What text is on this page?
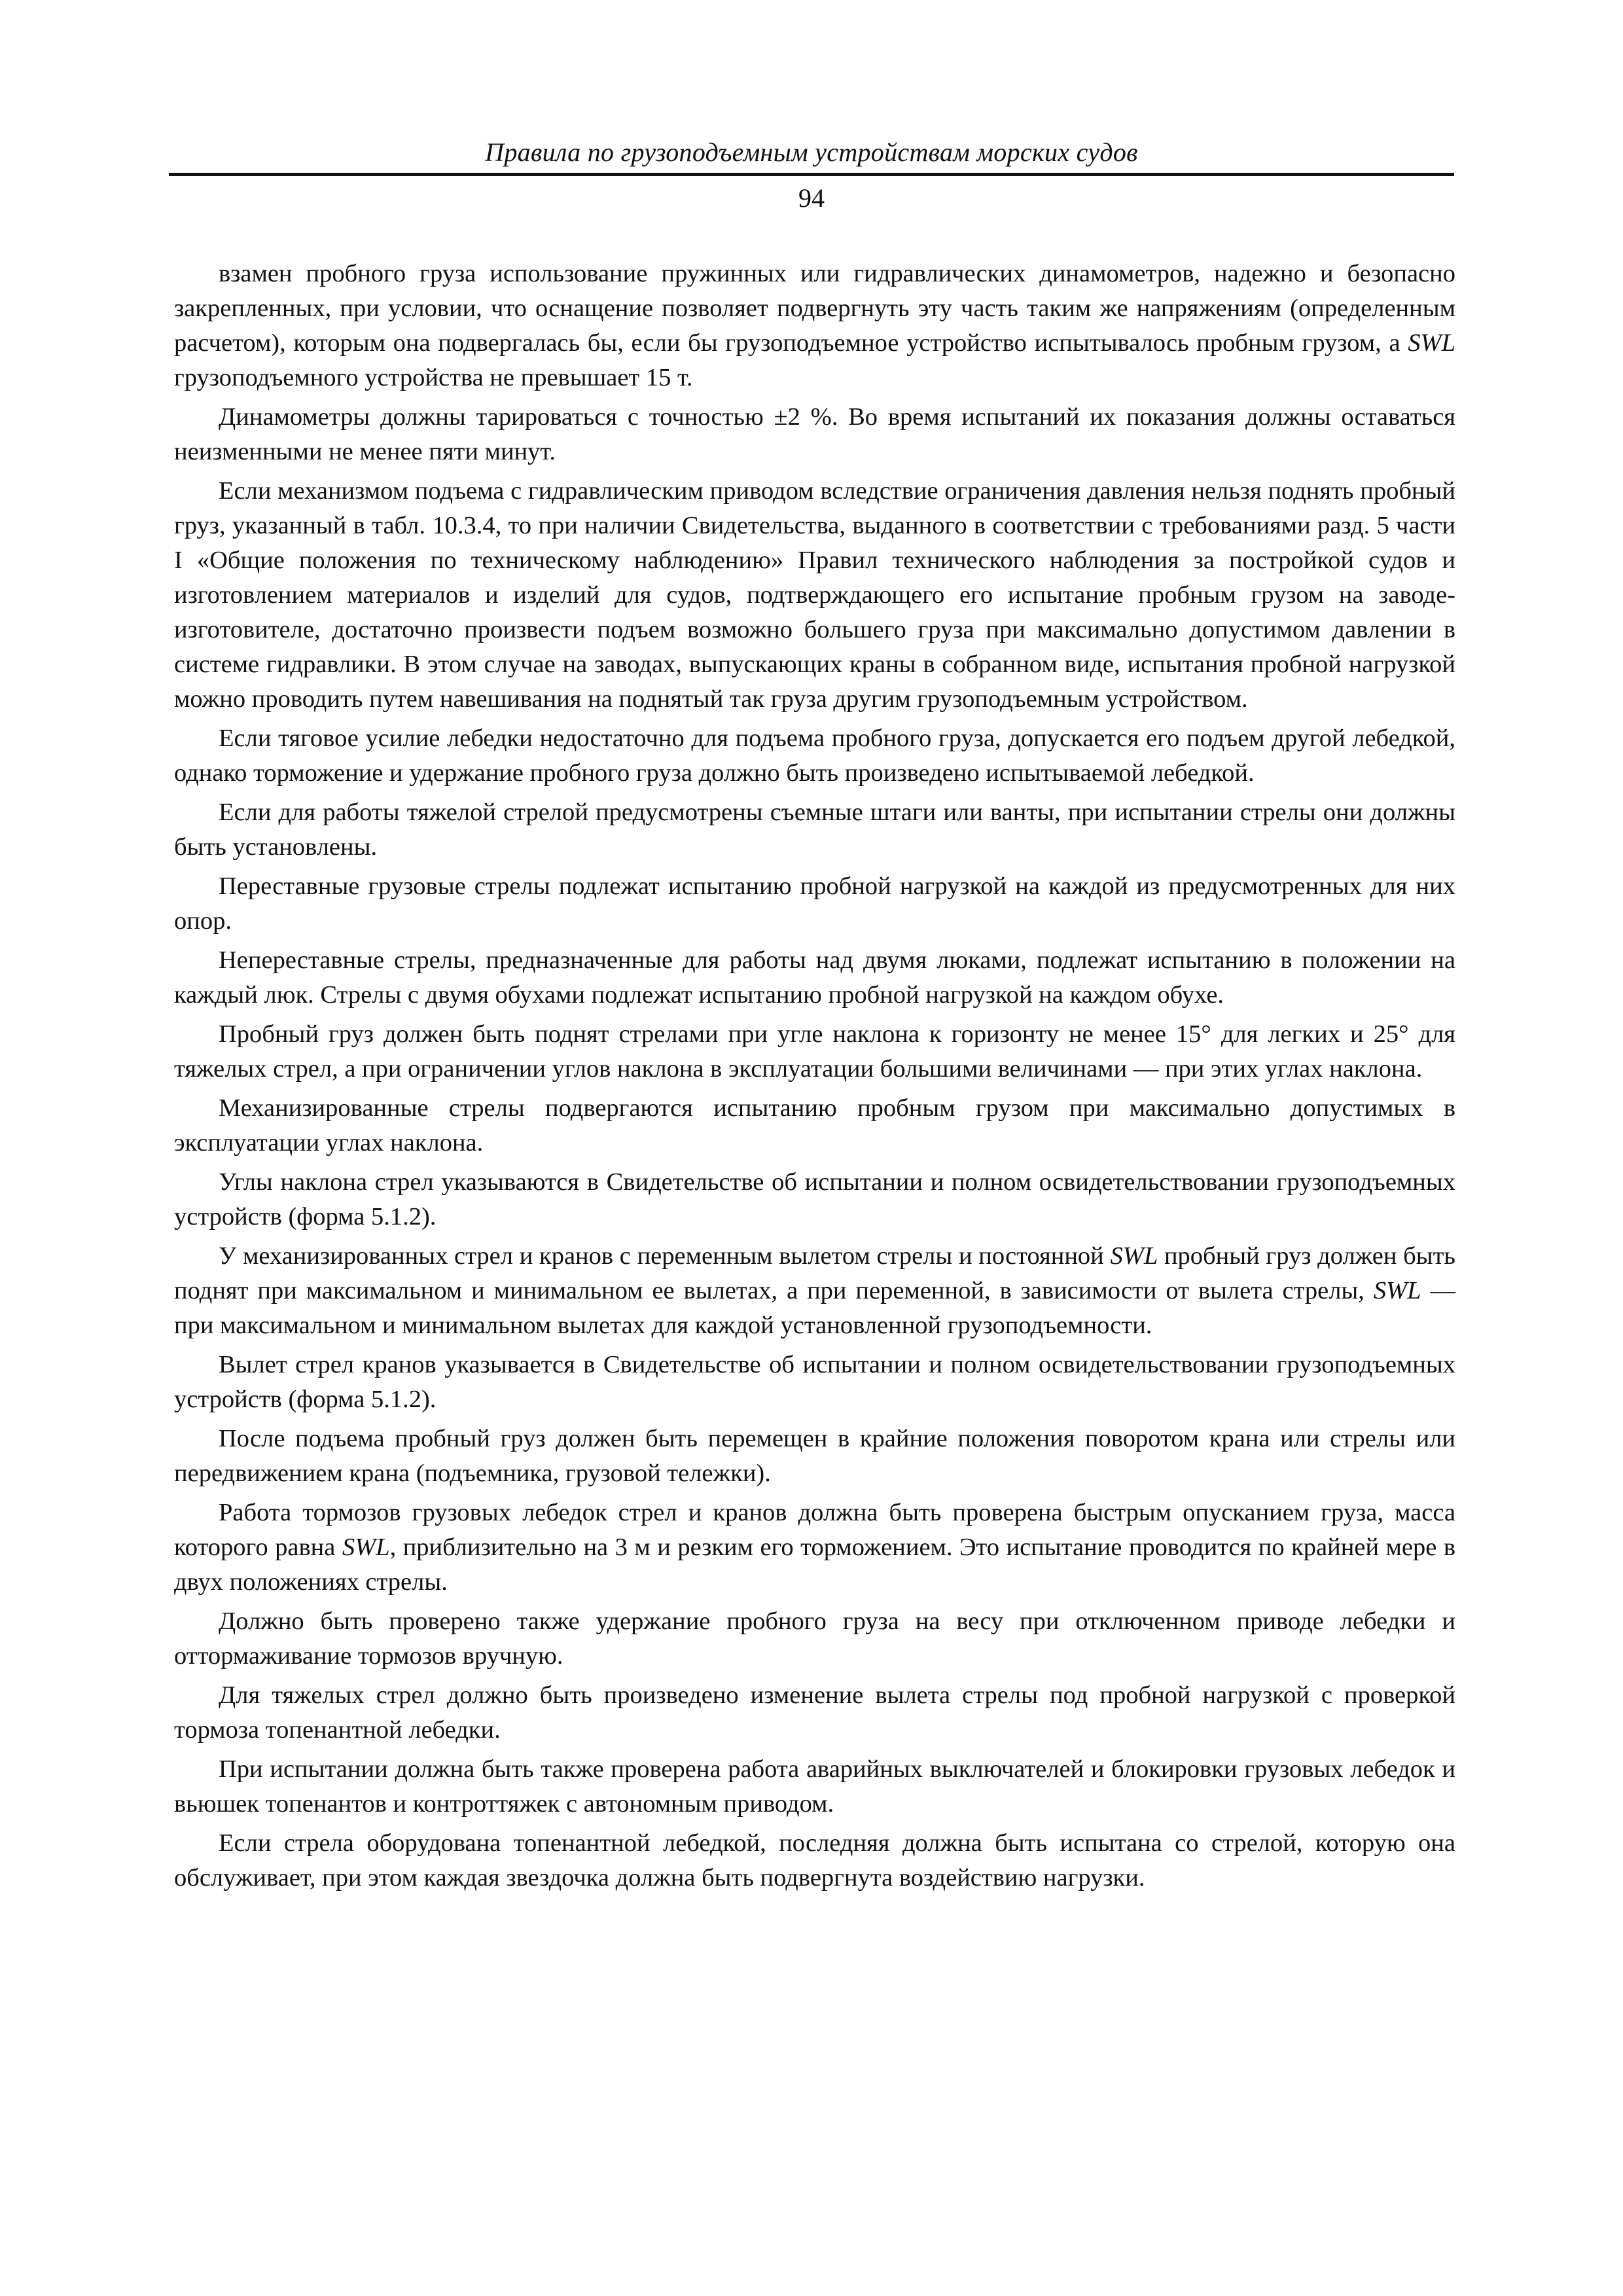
Правила по грузоподъемным устройствам морских судов
94

взамен пробного груза использование пружинных или гидравлических динамометров, надежно и безопасно закрепленных, при условии, что оснащение позволяет подвергнуть эту часть таким же напряжениям (определенным расчетом), которым она подвергалась бы, если бы грузоподъемное устройство испытывалось пробным грузом, а SWL грузоподъемного устройства не превышает 15 т.

Динамометры должны тарироваться с точностью ±2 %. Во время испытаний их показания должны оставаться неизменными не менее пяти минут.

Если механизмом подъема с гидравлическим приводом вследствие ограничения давления нельзя поднять пробный груз, указанный в табл. 10.3.4, то при наличии Свидетельства, выданного в соответствии с требованиями разд. 5 части I «Общие положения по техническому наблюдению» Правил технического наблюдения за постройкой судов и изготовлением материалов и изделий для судов, подтверждающего его испытание пробным грузом на заводе-изготовителе, достаточно произвести подъем возможно большего груза при максимально допустимом давлении в системе гидравлики. В этом случае на заводах, выпускающих краны в собранном виде, испытания пробной нагрузкой можно проводить путем навешивания на поднятый так груза другим грузоподъемным устройством.

Если тяговое усилие лебедки недостаточно для подъема пробного груза, допускается его подъем другой лебедкой, однако торможение и удержание пробного груза должно быть произведено испытываемой лебедкой.

Если для работы тяжелой стрелой предусмотрены съемные штаги или ванты, при испытании стрелы они должны быть установлены.

Переставные грузовые стрелы подлежат испытанию пробной нагрузкой на каждой из предусмотренных для них опор.

Непереставные стрелы, предназначенные для работы над двумя люками, подлежат испытанию в положении на каждый люк. Стрелы с двумя обухами подлежат испытанию пробной нагрузкой на каждом обухе.

Пробный груз должен быть поднят стрелами при угле наклона к горизонту не менее 15° для легких и 25° для тяжелых стрел, а при ограничении углов наклона в эксплуатации большими величинами — при этих углах наклона.

Механизированные стрелы подвергаются испытанию пробным грузом при максимально допустимых в эксплуатации углах наклона.

Углы наклона стрел указываются в Свидетельстве об испытании и полном освидетельствовании грузоподъемных устройств (форма 5.1.2).

У механизированных стрел и кранов с переменным вылетом стрелы и постоянной SWL пробный груз должен быть поднят при максимальном и минимальном ее вылетах, а при переменной, в зависимости от вылета стрелы, SWL — при максимальном и минимальном вылетах для каждой установленной грузоподъемности.

Вылет стрел кранов указывается в Свидетельстве об испытании и полном освидетельствовании грузоподъемных устройств (форма 5.1.2).

После подъема пробный груз должен быть перемещен в крайние положения поворотом крана или стрелы или передвижением крана (подъемника, грузовой тележки).

Работа тормозов грузовых лебедок стрел и кранов должна быть проверена быстрым опусканием груза, масса которого равна SWL, приблизительно на 3 м и резким его торможением. Это испытание проводится по крайней мере в двух положениях стрелы.

Должно быть проверено также удержание пробного груза на весу при отключенном приводе лебедки и оттормаживание тормозов вручную.

Для тяжелых стрел должно быть произведено изменение вылета стрелы под пробной нагрузкой с проверкой тормоза топенантной лебедки.

При испытании должна быть также проверена работа аварийных выключателей и блокировки грузовых лебедок и вьюшек топенантов и контроттяжек с автономным приводом.

Если стрела оборудована топенантной лебедкой, последняя должна быть испытана со стрелой, которую она обслуживает, при этом каждая звездочка должна быть подвергнута воздействию нагрузки.
